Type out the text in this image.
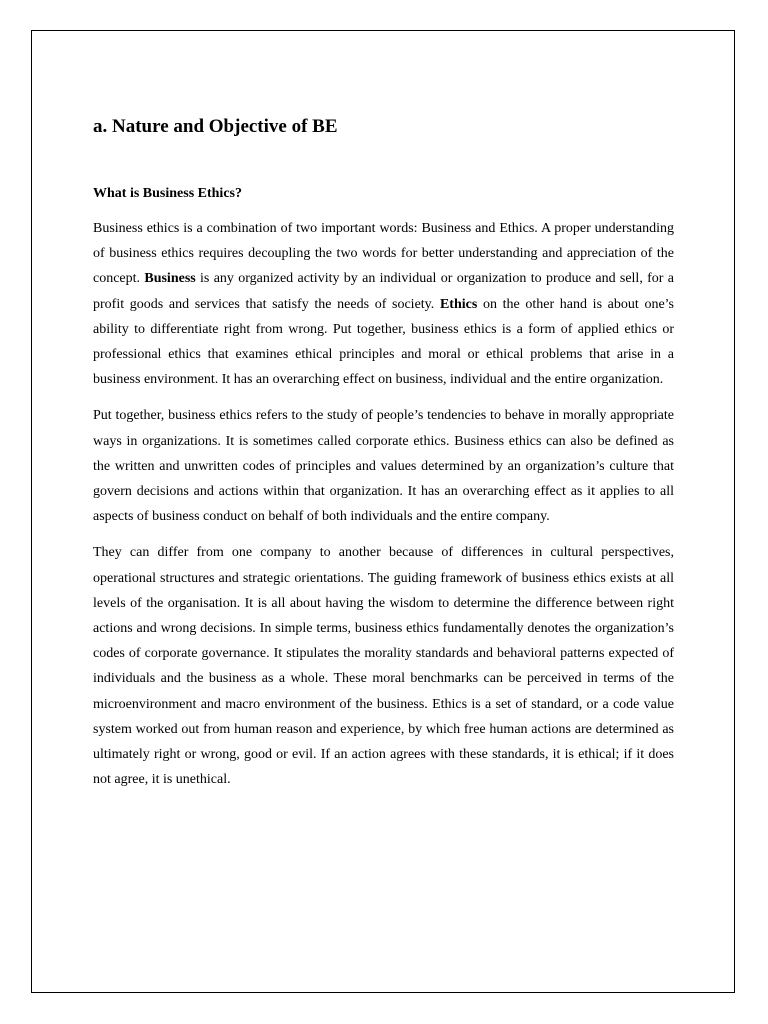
a. Nature and Objective of BE
What is Business Ethics?

Business ethics is a combination of two important words: Business and Ethics. A proper understanding of business ethics requires decoupling the two words for better understanding and appreciation of the concept. Business is any organized activity by an individual or organization to produce and sell, for a profit goods and services that satisfy the needs of society. Ethics on the other hand is about one’s ability to differentiate right from wrong. Put together, business ethics is a form of applied ethics or professional ethics that examines ethical principles and moral or ethical problems that arise in a business environment. It has an overarching effect on business, individual and the entire organization.

Put together, business ethics refers to the study of people’s tendencies to behave in morally appropriate ways in organizations. It is sometimes called corporate ethics. Business ethics can also be defined as the written and unwritten codes of principles and values determined by an organization’s culture that govern decisions and actions within that organization. It has an overarching effect as it applies to all aspects of business conduct on behalf of both individuals and the entire company.

They can differ from one company to another because of differences in cultural perspectives, operational structures and strategic orientations. The guiding framework of business ethics exists at all levels of the organisation. It is all about having the wisdom to determine the difference between right actions and wrong decisions. In simple terms, business ethics fundamentally denotes the organization’s codes of corporate governance. It stipulates the morality standards and behavioral patterns expected of individuals and the business as a whole. These moral benchmarks can be perceived in terms of the microenvironment and macro environment of the business. Ethics is a set of standard, or a code value system worked out from human reason and experience, by which free human actions are determined as ultimately right or wrong, good or evil. If an action agrees with these standards, it is ethical; if it does not agree, it is unethical.
